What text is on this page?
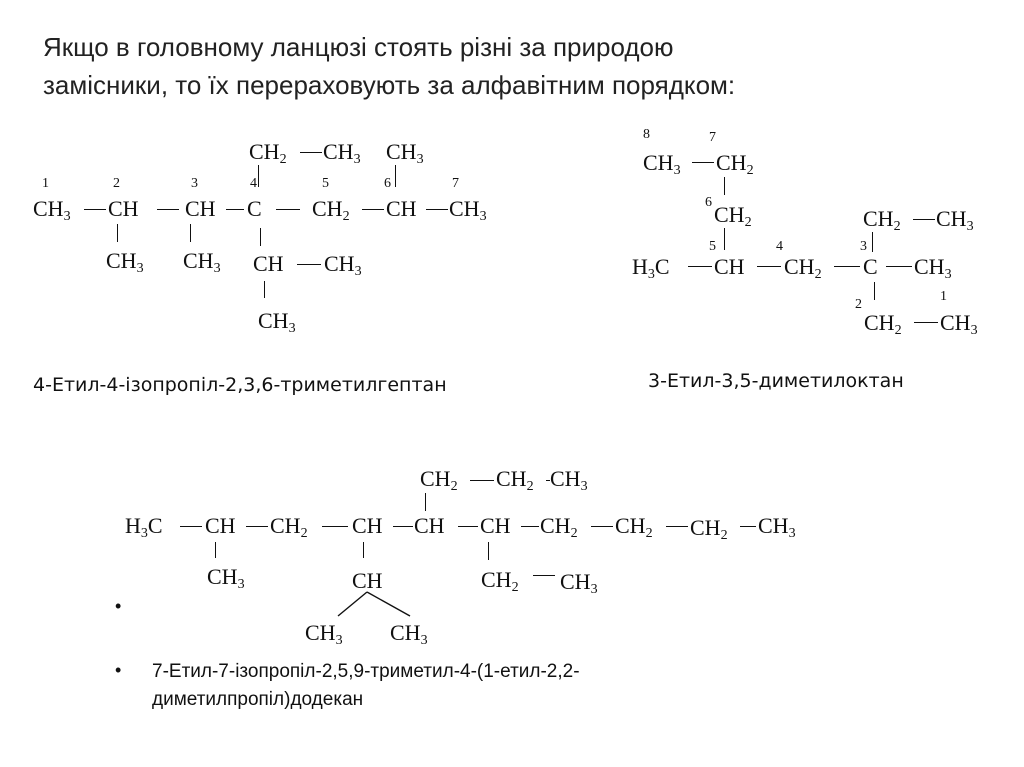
Якщо в головному ланцюзі стоять різні за природою
замісники, то їх перераховують за алфавітним порядком:
1	2	3	4	5	6	7
$CH_2$ $CH_3$ $CH_3$
$CH_3$ CH CH C $CH_2$ CH $CH_3$
$CH_3$ $CH_3$ CH $CH_3$
$CH_3$
4-Етил-4-ізопропіл-2,3,6-триметилгептан
8	7
$CH_3$ $CH_2$
6 $CH_2$	$CH_2$ $CH_3$
5	4	3
$H_3C$ CH $CH_2$ C $CH_3$
1
2
$CH_2$ $CH_3$
3-Етил-3,5-диметилоктан
$CH_2$ $CH_2$ $CH_3$
$H_3C$ CH $CH_2$ CH CH CH $CH_2$ $CH_2$ $CH_2$ $CH_3$
$CH_3$	CH	$CH_2$ $CH_3$
$CH_3$ $CH_3$
•
• 7-Етил-7-ізопропіл-2,5,9-триметил-4-(1-етил-2,2-диметилпропіл)додекан
